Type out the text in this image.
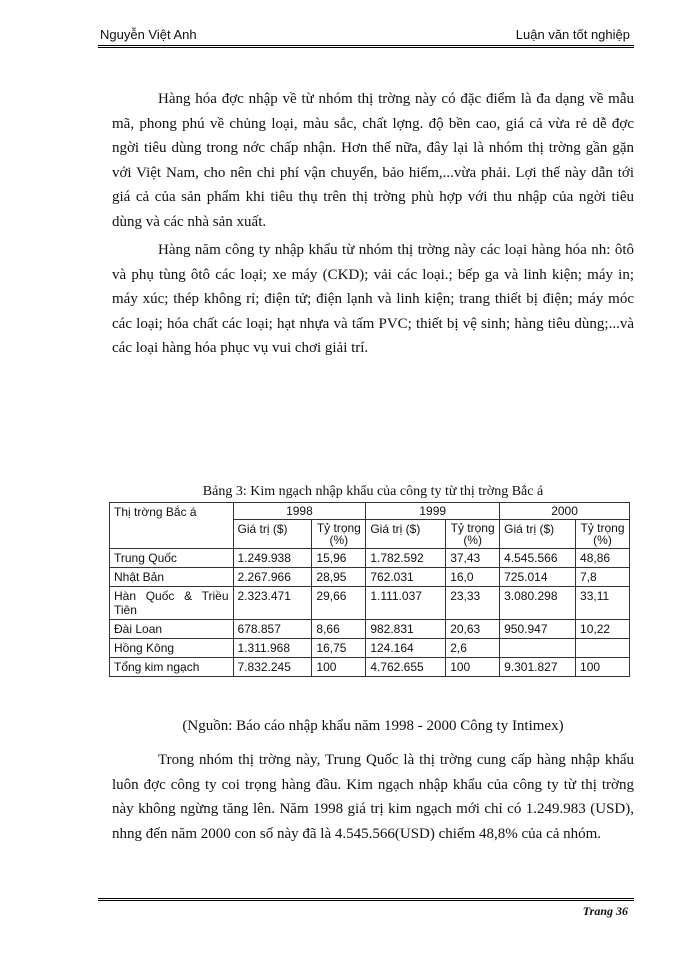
Nguyễn Việt Anh	Luận văn tốt nghiệp

Hàng hóa đợc nhập về từ nhóm thị trờng này có đặc điểm là đa dạng về mẫu mã, phong phú về chủng loại, màu sắc, chất lợng. độ bền cao, giá cả vừa rẻ dễ đợc ngời tiêu dùng trong nớc chấp nhận. Hơn thế nữa, đây lại là nhóm thị trờng gần gặn với Việt Nam, cho nên chi phí vận chuyển, bảo hiểm,...vừa phải. Lợi thế này dẫn tới giá cả của sản phẩm khi tiêu thụ trên thị trờng phù hợp với thu nhập của ngời tiêu dùng và các nhà sản xuất.

Hàng năm công ty nhập khẩu từ nhóm thị trờng này các loại hàng hóa nh: ôtô và phụ tùng ôtô các loại; xe máy (CKD); vải các loại.; bếp ga và linh kiện; máy in; máy xúc; thép không rỉ; điện tử; điện lạnh và linh kiện; trang thiết bị điện; máy móc các loại; hóa chất các loại; hạt nhựa và tấm PVC; thiết bị vệ sinh; hàng tiêu dùng;...và các loại hàng hóa phục vụ vui chơi giải trí.

Bảng 3: Kim ngạch nhập khẩu của công ty từ thị trờng Bắc á
Thị trờng Bắc á	1998		1999		2000	
	Giá trị ($)	Tỷ trọng (%)	Giá trị ($)	Tỷ trọng (%)	Giá trị ($)	Tỷ trọng (%)
Trung Quốc	1.249.938	15,96	1.782.592	37,43	4.545.566	48,86
Nhật Bản	2.267.966	28,95	762.031	16,0	725.014	7,8
Hàn Quốc & Triều Tiên	2.323.471	29,66	1.111.037	23,33	3.080.298	33,11
Đài Loan	678.857	8,66	982.831	20,63	950.947	10,22
Hồng Kông	1.311.968	16,75	124.164	2,6		
Tổng kim ngạch	7.832.245	100	4.762.655	100	9.301.827	100
(Nguồn: Báo cáo nhập khẩu năm 1998 - 2000 Công ty Intimex)

Trong nhóm thị trờng này, Trung Quốc là thị trờng cung cấp hàng nhập khẩu luôn đợc công ty coi trọng hàng đầu. Kim ngạch nhập khẩu của công ty từ thị trờng này không ngừng tăng lên. Năm 1998 giá trị kim ngạch mới chỉ có 1.249.983 (USD), nhng đến năm 2000 con số này đã là 4.545.566(USD) chiếm 48,8% của cả nhóm.

Trang 36
